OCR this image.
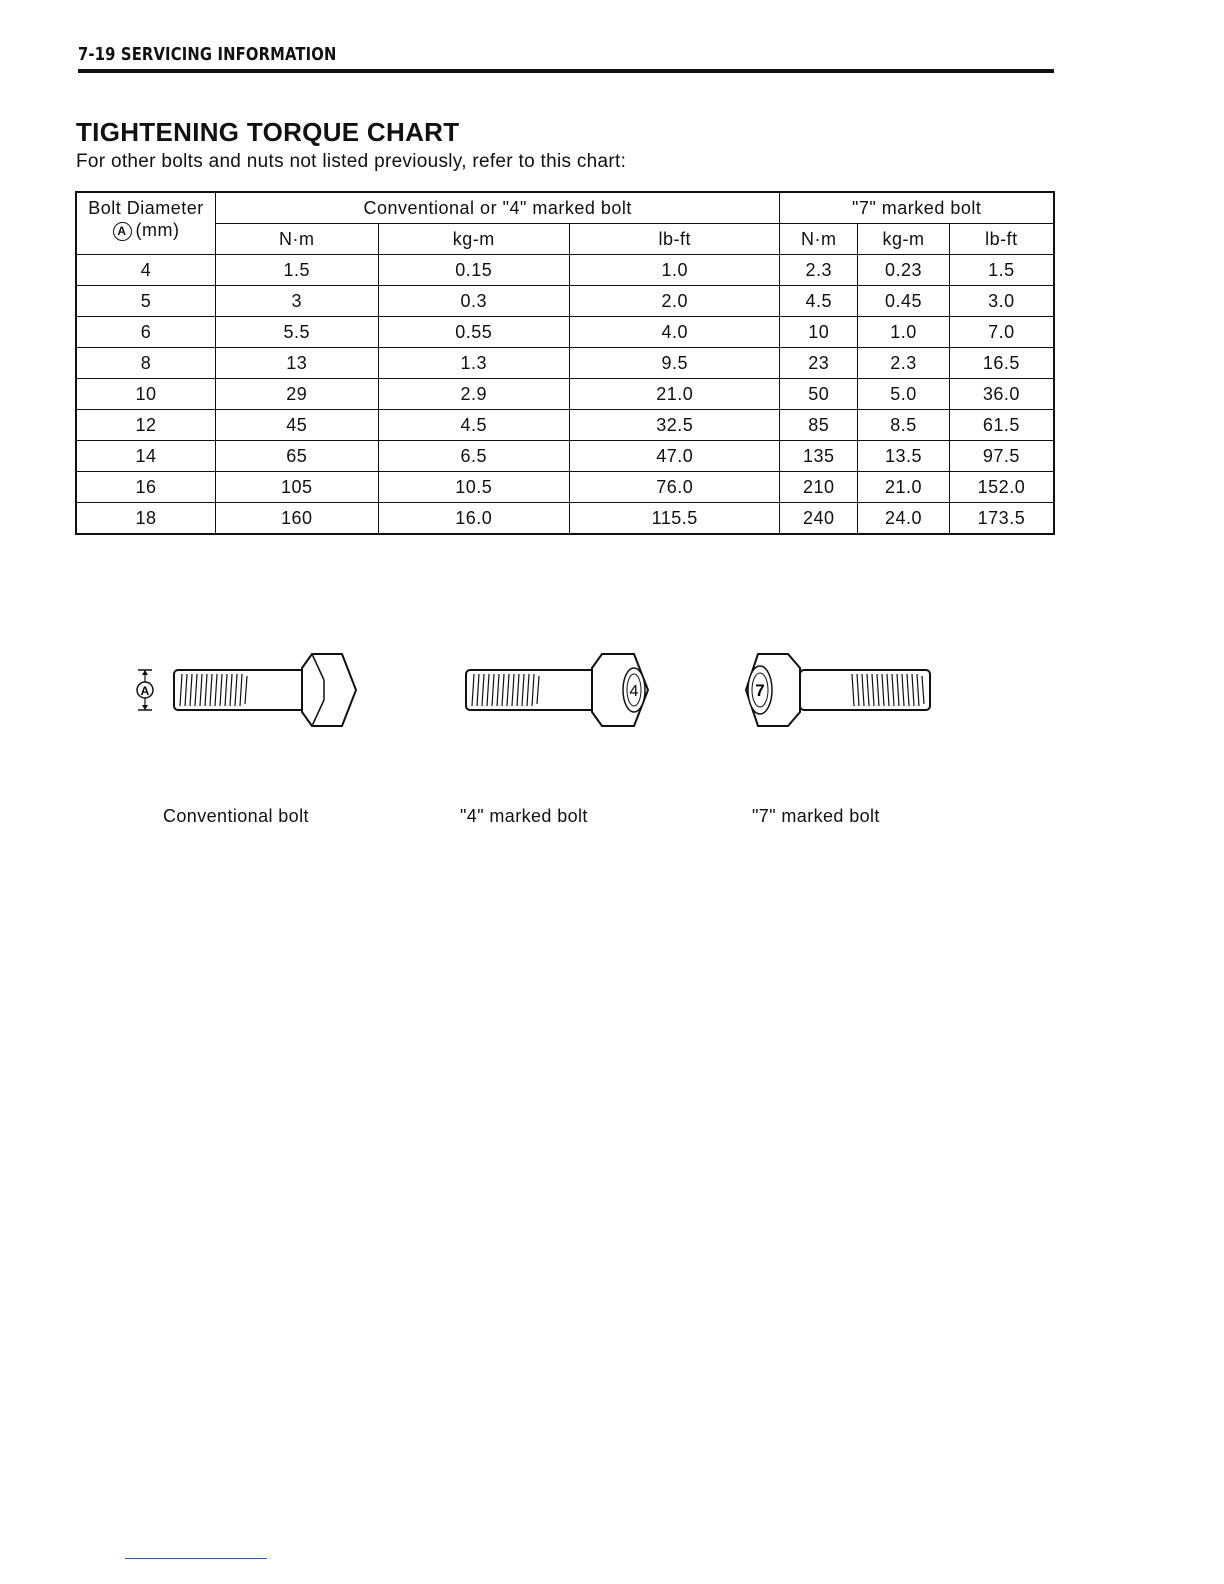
7-19 SERVICING INFORMATION
TIGHTENING TORQUE CHART
For other bolts and nuts not listed previously, refer to this chart:
Bolt Diameter
A (mm)	Conventional or "4" marked bolt			"7" marked bolt		
	N·m	kg-m	lb-ft	N·m	kg-m	lb-ft
4	1.5	0.15	1.0	2.3	0.23	1.5
5	3	0.3	2.0	4.5	0.45	3.0
6	5.5	0.55	4.0	10	1.0	7.0
8	13	1.3	9.5	23	2.3	16.5
10	29	2.9	21.0	50	5.0	36.0
12	45	4.5	32.5	85	8.5	61.5
14	65	6.5	47.0	135	13.5	97.5
16	105	10.5	76.0	210	21.0	152.0
18	160	16.0	115.5	240	24.0	173.5
A	4	7
Conventional bolt	"4" marked bolt	"7" marked bolt
